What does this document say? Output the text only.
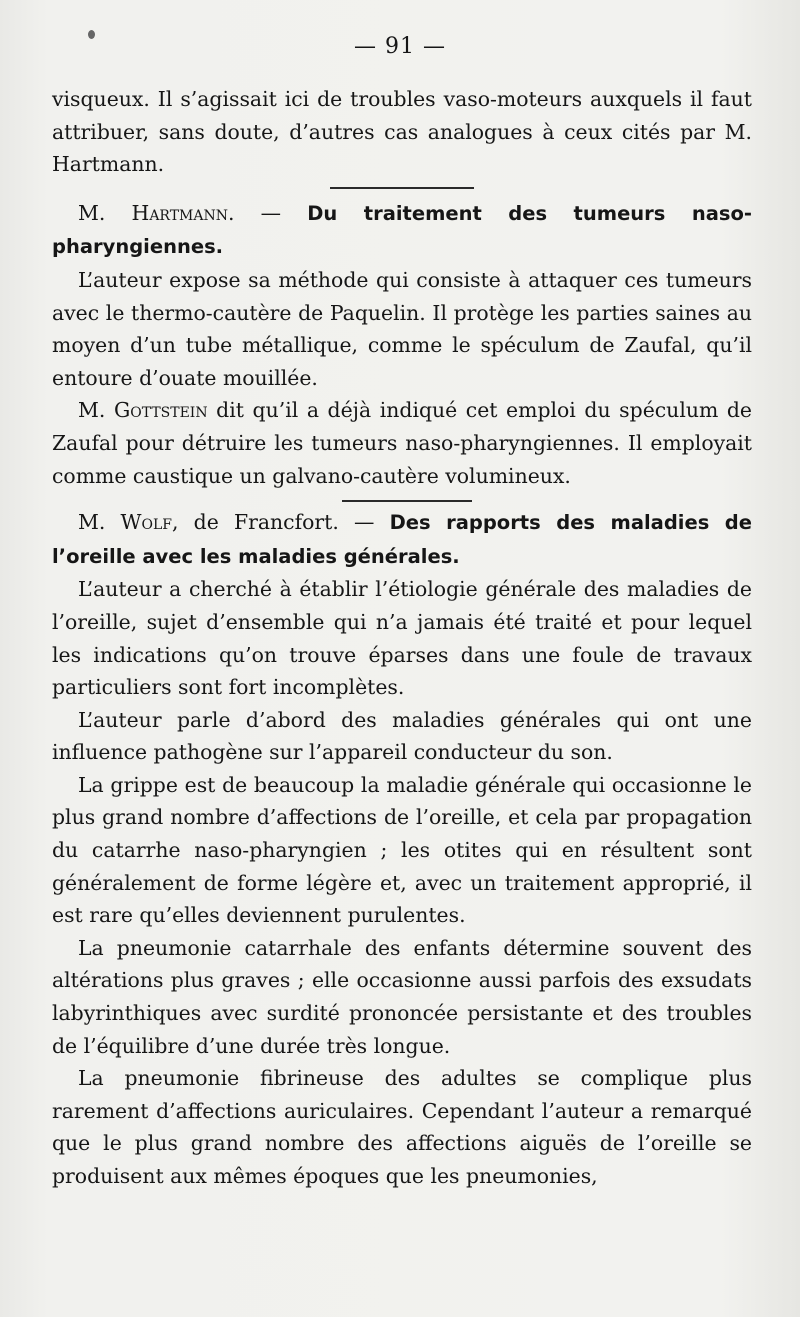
— 91 —

visqueux. Il s’agissait ici de troubles vaso-moteurs auxquels il faut attribuer, sans doute, d’autres cas analogues à ceux cités par M. Hartmann.

M. Hartmann. — Du traitement des tumeurs naso-pharyngiennes.

L’auteur expose sa méthode qui consiste à attaquer ces tumeurs avec le thermo-cautère de Paquelin. Il protège les parties saines au moyen d’un tube métallique, comme le spéculum de Zaufal, qu’il entoure d’ouate mouillée.

M. Gottstein dit qu’il a déjà indiqué cet emploi du spéculum de Zaufal pour détruire les tumeurs naso-pharyngiennes. Il employait comme caustique un galvano-cautère volumineux.

M. Wolf, de Francfort. — Des rapports des maladies de l’oreille avec les maladies générales.

L’auteur a cherché à établir l’étiologie générale des maladies de l’oreille, sujet d’ensemble qui n’a jamais été traité et pour lequel les indications qu’on trouve éparses dans une foule de travaux particuliers sont fort incomplètes.

L’auteur parle d’abord des maladies générales qui ont une influence pathogène sur l’appareil conducteur du son.

La grippe est de beaucoup la maladie générale qui occasionne le plus grand nombre d’affections de l’oreille, et cela par propagation du catarrhe naso-pharyngien ; les otites qui en résultent sont généralement de forme légère et, avec un traitement approprié, il est rare qu’elles deviennent purulentes.

La pneumonie catarrhale des enfants détermine souvent des altérations plus graves ; elle occasionne aussi parfois des exsudats labyrinthiques avec surdité prononcée persistante et des troubles de l’équilibre d’une durée très longue.

La pneumonie fibrineuse des adultes se complique plus rarement d’affections auriculaires. Cependant l’auteur a remarqué que le plus grand nombre des affections aiguës de l’oreille se produisent aux mêmes époques que les pneumonies,
